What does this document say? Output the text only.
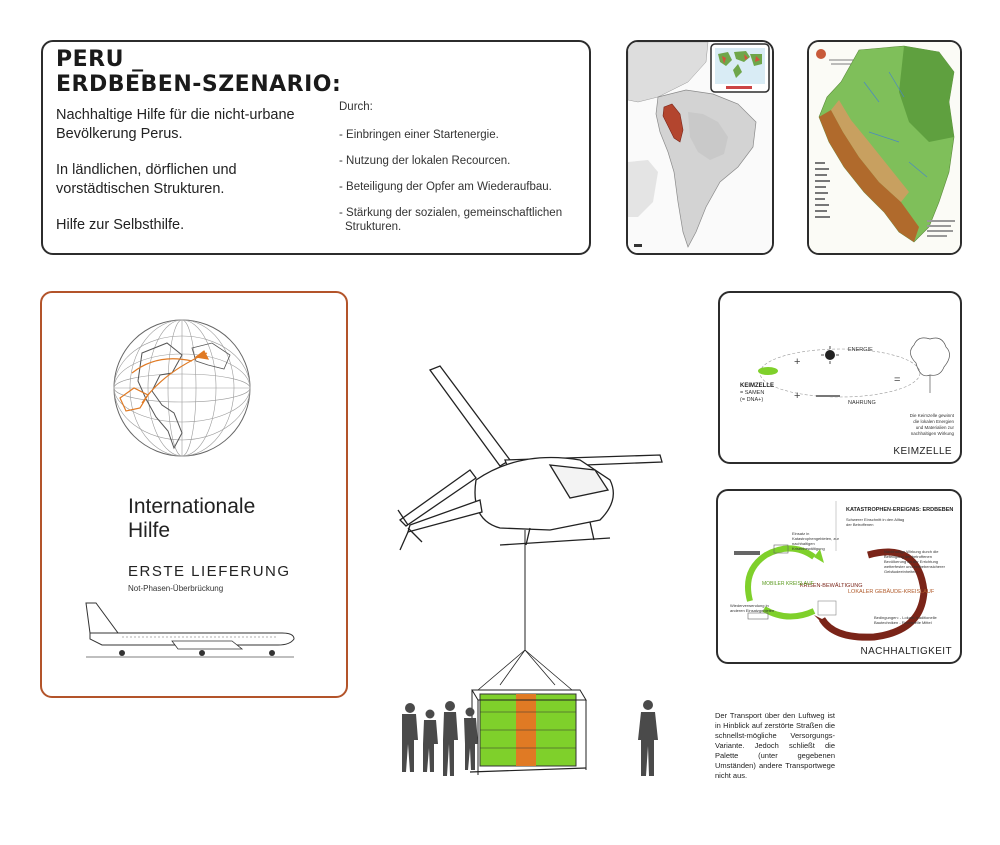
PERU _
ERDBEBEN-SZENARIO:

Nachhaltige Hilfe für die nicht-urbane Bevölkerung Perus.

In ländlichen, dörflichen und vorstädtischen Strukturen.

Hilfe zur Selbsthilfe.

Durch:
- Einbringen einer Startenergie.
- Nutzung der lokalen Recourcen.
- Beteiligung der Opfer am Wiederaufbau.
- Stärkung der sozialen, gemeinschaftlichen Strukturen.
Internationale
Hilfe
ERSTE LIEFERUNG
Not-Phasen-Überbrückung
+
+
=
ENERGIE
NAHRUNG
KEIMZELLE
= SAMEN
(= DNA+)
Die Keimzelle gewinnt die lokalen Energien und Materialien zur nachhaltigen Wirkung
KEIMZELLE
KATASTROPHEN-EREIGNIS: ERDBEBEN
KRISEN-BEWÄLTIGUNG
MOBILER KREISLAUF
LOKALER GEBÄUDE-KREISLAUF
Schwerer Einschnitt in den Alltag der Betroffenen
Einsatz in Katastrophengebieten, zur nachhaltigen Krisenbewältigung
Nachhaltige Wirkung durch die Beteiligung der betroffenen Bevölkerung an der Errichtung wetterfester und erdbebensicherer Gebäudeeinheiten
Wiederverwendung in anderen Einsatzgebieten
Bedingungen: - Lokale, traditionelle Bautechniken - Finanzielle Mittel
NACHHALTIGKEIT
Der Transport über den Luftweg ist in Hinblick auf zerstörte Straßen die schnellst-mögliche Versorgungs-Variante. Jedoch schließt die Palette (unter gegebenen Umständen) andere Transportwege nicht aus.
